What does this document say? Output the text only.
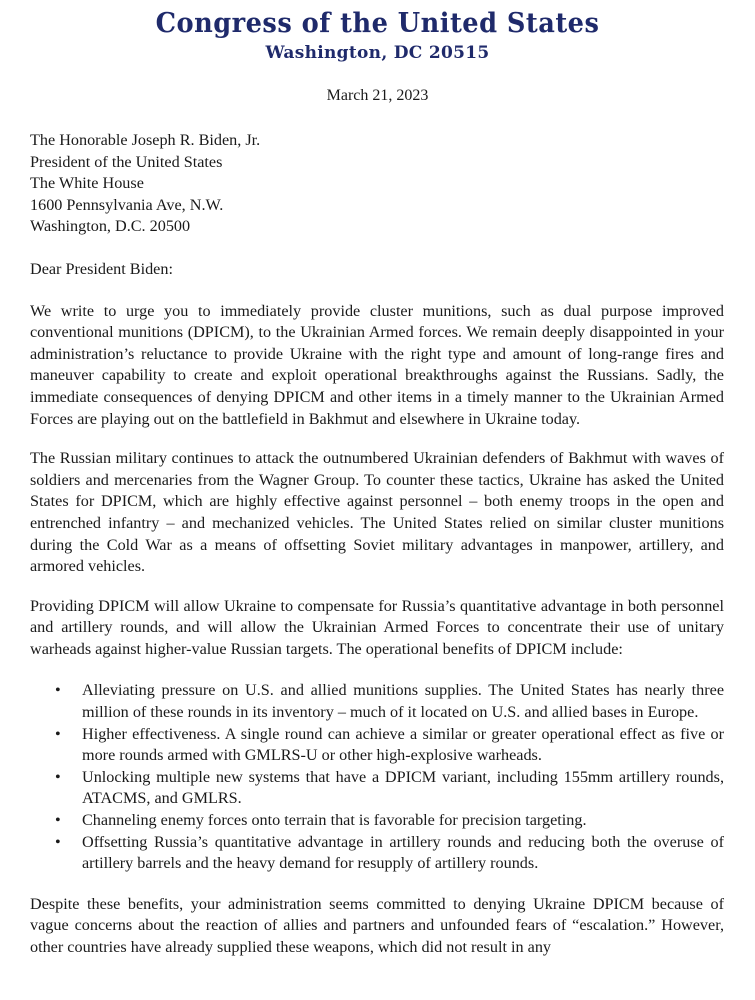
Congress of the United States
Washington, DC 20515
March 21, 2023
The Honorable Joseph R. Biden, Jr.
President of the United States
The White House
1600 Pennsylvania Ave, N.W.
Washington, D.C. 20500
Dear President Biden:

We write to urge you to immediately provide cluster munitions, such as dual purpose improved conventional munitions (DPICM), to the Ukrainian Armed forces. We remain deeply disappointed in your administration’s reluctance to provide Ukraine with the right type and amount of long-range fires and maneuver capability to create and exploit operational breakthroughs against the Russians. Sadly, the immediate consequences of denying DPICM and other items in a timely manner to the Ukrainian Armed Forces are playing out on the battlefield in Bakhmut and elsewhere in Ukraine today.

The Russian military continues to attack the outnumbered Ukrainian defenders of Bakhmut with waves of soldiers and mercenaries from the Wagner Group. To counter these tactics, Ukraine has asked the United States for DPICM, which are highly effective against personnel – both enemy troops in the open and entrenched infantry – and mechanized vehicles. The United States relied on similar cluster munitions during the Cold War as a means of offsetting Soviet military advantages in manpower, artillery, and armored vehicles.

Providing DPICM will allow Ukraine to compensate for Russia’s quantitative advantage in both personnel and artillery rounds, and will allow the Ukrainian Armed Forces to concentrate their use of unitary warheads against higher-value Russian targets. The operational benefits of DPICM include:

• Alleviating pressure on U.S. and allied munitions supplies. The United States has nearly three million of these rounds in its inventory – much of it located on U.S. and allied bases in Europe.
• Higher effectiveness. A single round can achieve a similar or greater operational effect as five or more rounds armed with GMLRS-U or other high-explosive warheads.
• Unlocking multiple new systems that have a DPICM variant, including 155mm artillery rounds, ATACMS, and GMLRS.
• Channeling enemy forces onto terrain that is favorable for precision targeting.
• Offsetting Russia’s quantitative advantage in artillery rounds and reducing both the overuse of artillery barrels and the heavy demand for resupply of artillery rounds.

Despite these benefits, your administration seems committed to denying Ukraine DPICM because of vague concerns about the reaction of allies and partners and unfounded fears of “escalation.” However, other countries have already supplied these weapons, which did not result in any
